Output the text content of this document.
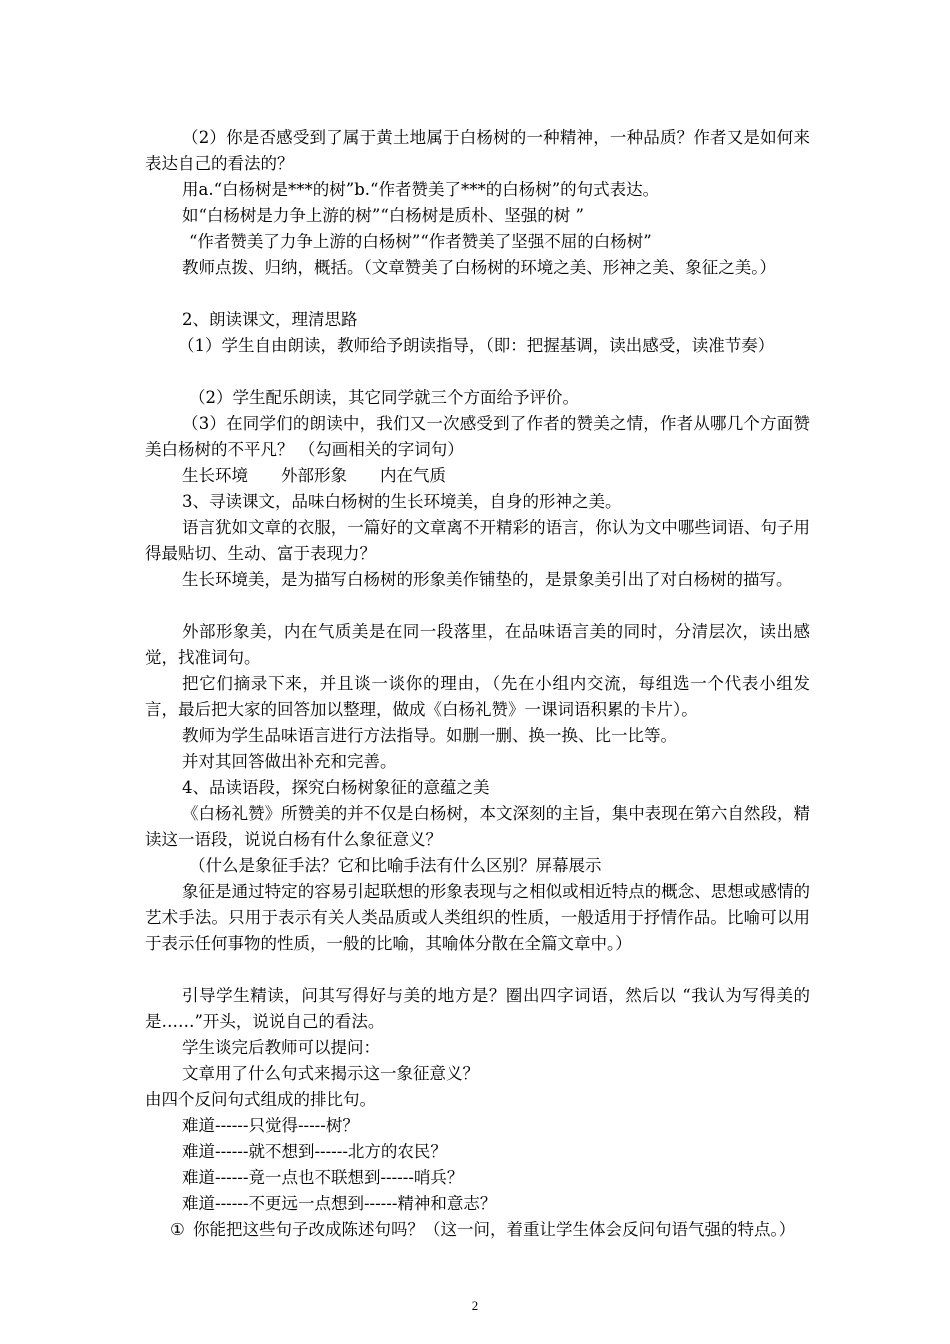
（2）你是否感受到了属于黄土地属于白杨树的一种精神，一种品质？作者又是如何来表达自己的看法的？

用a.“白杨树是***的树”b.“作者赞美了***的白杨树”的句式表达。

如“白杨树是力争上游的树”“白杨树是质朴、坚强的树 ”

“作者赞美了力争上游的白杨树”“作者赞美了坚强不屈的白杨树”

教师点拨、归纳，概括。（文章赞美了白杨树的环境之美、形神之美、象征之美。）

2、朗读课文，理清思路

（1）学生自由朗读，教师给予朗读指导，（即：把握基调，读出感受，读准节奏）

（2）学生配乐朗读，其它同学就三个方面给予评价。

（3）在同学们的朗读中，我们又一次感受到了作者的赞美之情，作者从哪几个方面赞美白杨树的不平凡？ （勾画相关的字词句）

生长环境　　外部形象　　内在气质

3、寻读课文，品味白杨树的生长环境美，自身的形神之美。

语言犹如文章的衣服，一篇好的文章离不开精彩的语言，你认为文中哪些词语、句子用得最贴切、生动、富于表现力？

生长环境美，是为描写白杨树的形象美作铺垫的，是景象美引出了对白杨树的描写。

外部形象美，内在气质美是在同一段落里，在品味语言美的同时，分清层次，读出感觉，找准词句。

把它们摘录下来，并且谈一谈你的理由，（先在小组内交流，每组选一个代表小组发言，最后把大家的回答加以整理，做成《白杨礼赞》一课词语积累的卡片）。

教师为学生品味语言进行方法指导。如删一删、换一换、比一比等。

并对其回答做出补充和完善。

4、品读语段，探究白杨树象征的意蕴之美

《白杨礼赞》所赞美的并不仅是白杨树，本文深刻的主旨，集中表现在第六自然段，精读这一语段，说说白杨有什么象征意义？

（什么是象征手法？它和比喻手法有什么区别？屏幕展示

象征是通过特定的容易引起联想的形象表现与之相似或相近特点的概念、思想或感情的艺术手法。只用于表示有关人类品质或人类组织的性质，一般适用于抒情作品。比喻可以用于表示任何事物的性质，一般的比喻，其喻体分散在全篇文章中。）

引导学生精读，问其写得好与美的地方是？圈出四字词语，然后以 “我认为写得美的是……”开头，说说自己的看法。

学生谈完后教师可以提问：

文章用了什么句式来揭示这一象征意义？

由四个反问句式组成的排比句。

难道------只觉得-----树？

难道------就不想到------北方的农民？

难道------竟一点也不联想到------哨兵？

难道------不更远一点想到------精神和意志？

① 你能把这些句子改成陈述句吗？（这一问，着重让学生体会反问句语气强的特点。）
2
